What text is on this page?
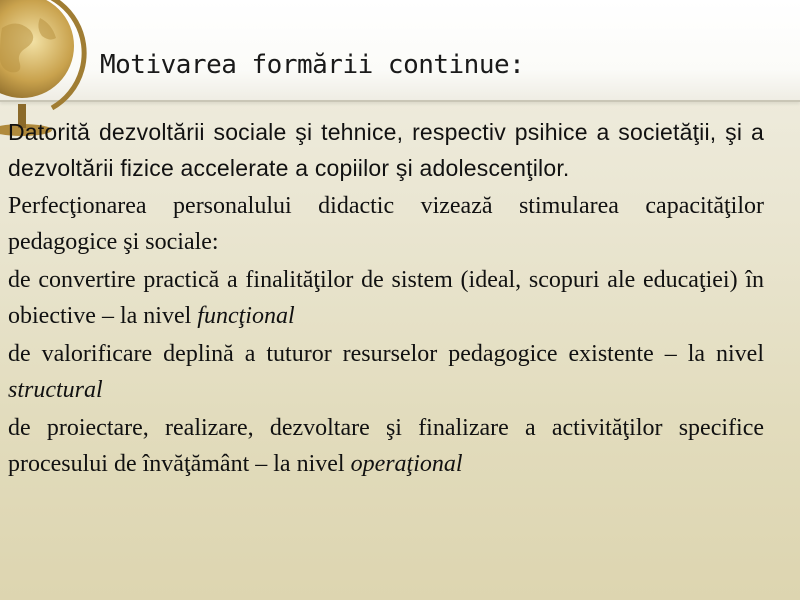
Motivarea formării continue:

Datorită dezvoltării sociale şi tehnice, respectiv psihice a societăţii, şi a dezvoltării fizice accelerate a copiilor şi adolescenţilor.

Perfecţionarea personalului didactic vizează stimularea capacităţilor pedagogice şi sociale:

de convertire practică a finalităţilor de sistem (ideal, scopuri ale educaţiei) în obiective – la nivel funcţional

de valorificare deplină a tuturor resurselor pedagogice existente – la nivel structural

de proiectare, realizare, dezvoltare şi finalizare a activităţilor specifice procesului de învăţământ – la nivel operaţional
